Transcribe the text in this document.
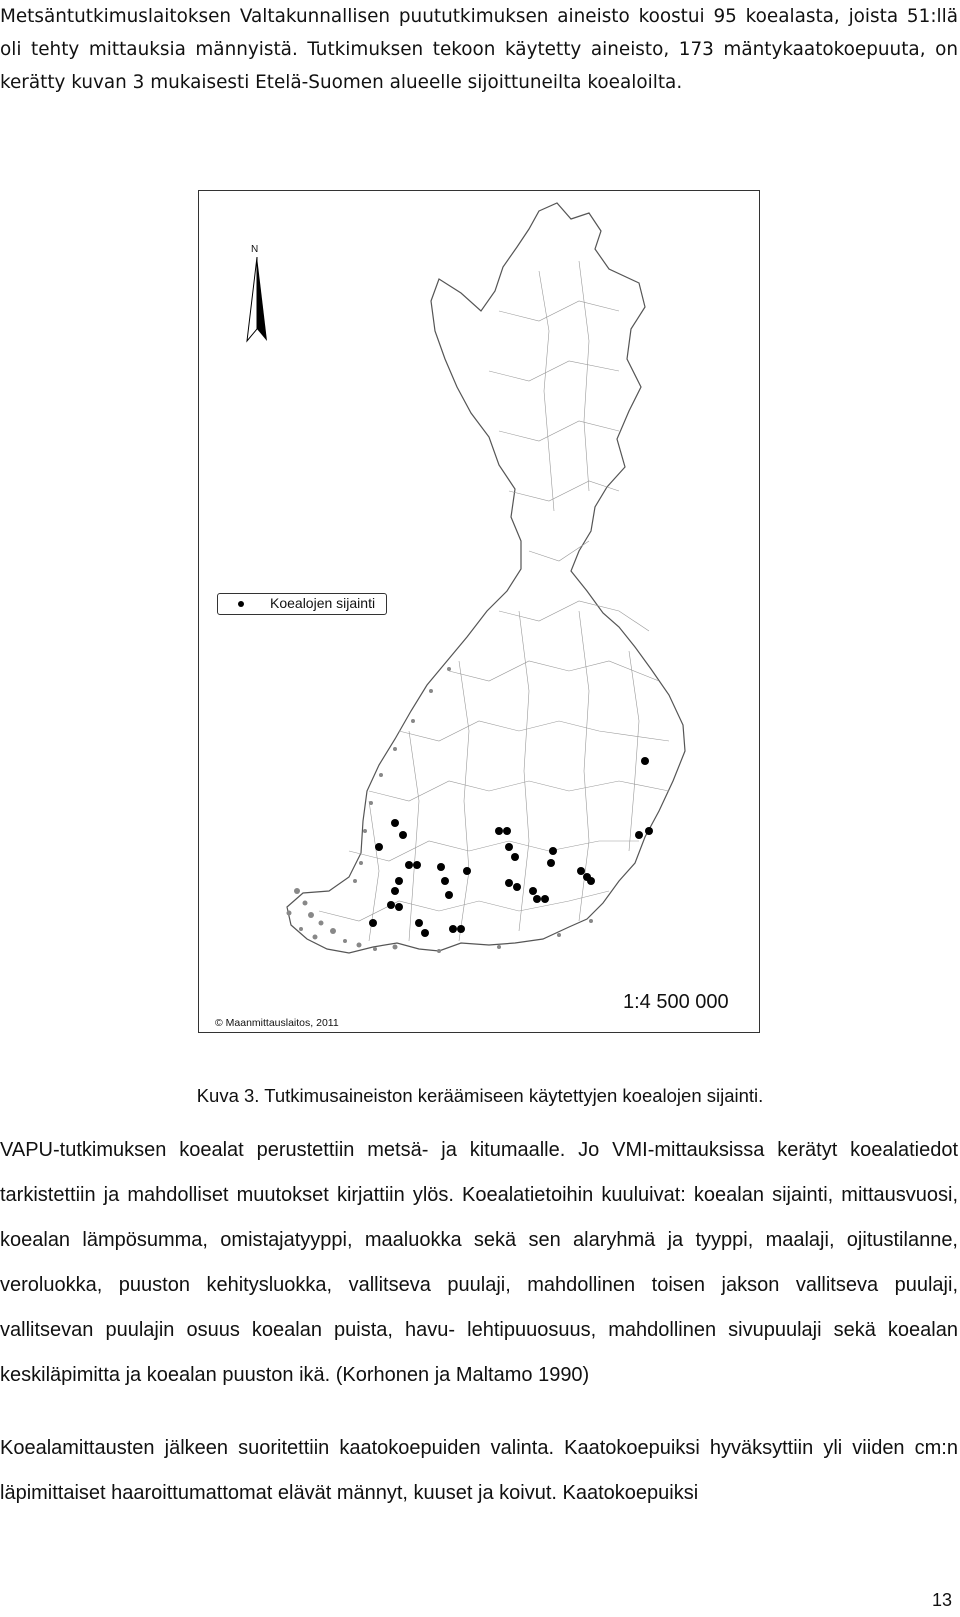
Metsäntutkimuslaitoksen Valtakunnallisen puututkimuksen aineisto koostui 95 koealasta, joista 51:llä oli tehty mittauksia männyistä. Tutkimuksen tekoon käytetty aineisto, 173 mäntykaatokoepuuta, on kerätty kuvan 3 mukaisesti Etelä-Suomen alueelle sijoittuneilta koealoilta.

N
Koealojen sijainti
1:4 500 000
© Maanmittauslaitos, 2011
Kuva 3. Tutkimusaineiston keräämiseen käytettyjen koealojen sijainti.

VAPU-tutkimuksen koealat perustettiin metsä- ja kitumaalle. Jo VMI-mittauksissa kerätyt koealatiedot tarkistettiin ja mahdolliset muutokset kirjattiin ylös. Koealatietoihin kuuluivat: koealan sijainti, mittausvuosi, koealan lämpösumma, omistajatyyppi, maaluokka sekä sen alaryhmä ja tyyppi, maalaji, ojitustilanne, veroluokka, puuston kehitysluokka, vallitseva puulaji, mahdollinen toisen jakson vallitseva puulaji, vallitsevan puulajin osuus koealan puista, havu- lehtipuuosuus, mahdollinen sivupuulaji sekä koealan keskiläpimitta ja koealan puuston ikä. (Korhonen ja Maltamo 1990)

Koealamittausten jälkeen suoritettiin kaatokoepuiden valinta. Kaatokoepuiksi hyväksyttiin yli viiden cm:n läpimittaiset haaroittumattomat elävät männyt, kuuset ja koivut. Kaatokoepuiksi

13
